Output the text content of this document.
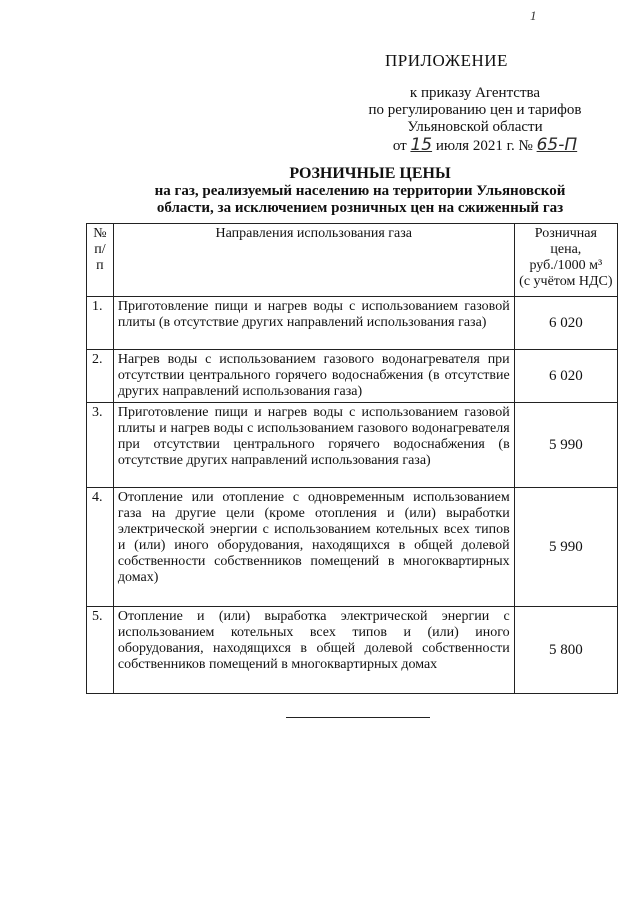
1
ПРИЛОЖЕНИЕ
к приказу Агентства
по регулированию цен и тарифов
Ульяновской области
от 15 июля 2021 г. № 65-П
РОЗНИЧНЫЕ ЦЕНЫ
на газ, реализуемый населению на территории Ульяновской
области, за исключением розничных цен на сжиженный газ
№ п/п	Направления использования газа	Розничная цена,
руб./1000 м³
(с учётом НДС)

1.	Приготовление пищи и нагрев воды с использованием газовой плиты (в отсутствие других направлений использования газа)	6 020
2.	Нагрев воды с использованием газового водонагревателя при отсутствии центрального горячего водоснабжения (в отсутствие других направлений использования газа)	6 020
3.	Приготовление пищи и нагрев воды с использованием газовой плиты и нагрев воды с использованием газового водонагревателя при отсутствии центрального горячего водоснабжения (в отсутствие других направлений использования газа)	5 990
4.	Отопление или отопление с одновременным использованием газа на другие цели (кроме отопления и (или) выработки электрической энергии с использованием котельных всех типов и (или) иного оборудования, находящихся в общей долевой собственности собственников помещений в многоквартирных домах)	5 990
5.	Отопление и (или) выработка электрической энергии с использованием котельных всех типов и (или) иного оборудования, находящихся в общей долевой собственности собственников помещений в многоквартирных домах	5 800
